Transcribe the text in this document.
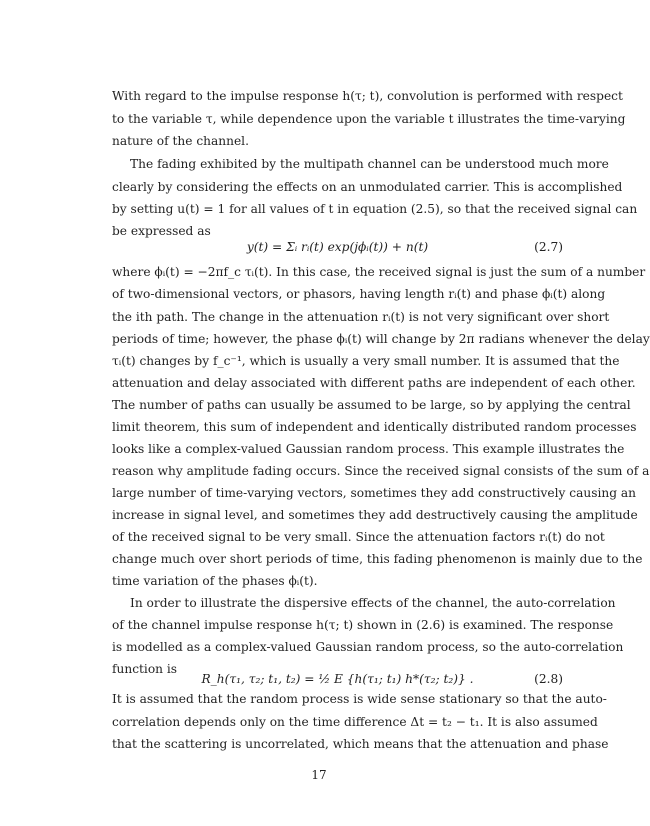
With regard to the impulse response h(τ; t), convolution is performed with respect
to the variable τ, while dependence upon the variable t illustrates the time-varying
nature of the channel.
The fading exhibited by the multipath channel can be understood much more
clearly by considering the effects on an unmodulated carrier. This is accomplished
by setting u(t) = 1 for all values of t in equation (2.5), so that the received signal can
be expressed as
y(t) = Σᵢ rᵢ(t) exp(jϕᵢ(t)) + n(t)	(2.7)
where ϕᵢ(t) = −2πf_c τᵢ(t). In this case, the received signal is just the sum of a number
of two-dimensional vectors, or phasors, having length rᵢ(t) and phase ϕᵢ(t) along
the ith path. The change in the attenuation rᵢ(t) is not very significant over short
periods of time; however, the phase ϕᵢ(t) will change by 2π radians whenever the delay
τᵢ(t) changes by f_c⁻¹, which is usually a very small number. It is assumed that the
attenuation and delay associated with different paths are independent of each other.
The number of paths can usually be assumed to be large, so by applying the central
limit theorem, this sum of independent and identically distributed random processes
looks like a complex-valued Gaussian random process. This example illustrates the
reason why amplitude fading occurs. Since the received signal consists of the sum of a
large number of time-varying vectors, sometimes they add constructively causing an
increase in signal level, and sometimes they add destructively causing the amplitude
of the received signal to be very small. Since the attenuation factors rᵢ(t) do not
change much over short periods of time, this fading phenomenon is mainly due to the
time variation of the phases ϕᵢ(t).
In order to illustrate the dispersive effects of the channel, the auto-correlation
of the channel impulse response h(τ; t) shown in (2.6) is examined. The response
is modelled as a complex-valued Gaussian random process, so the auto-correlation
function is
R_h(τ₁, τ₂; t₁, t₂) = ½ E {h(τ₁; t₁) h*(τ₂; t₂)} .	(2.8)
It is assumed that the random process is wide sense stationary so that the auto-
correlation depends only on the time difference Δt = t₂ − t₁. It is also assumed
that the scattering is uncorrelated, which means that the attenuation and phase
17
